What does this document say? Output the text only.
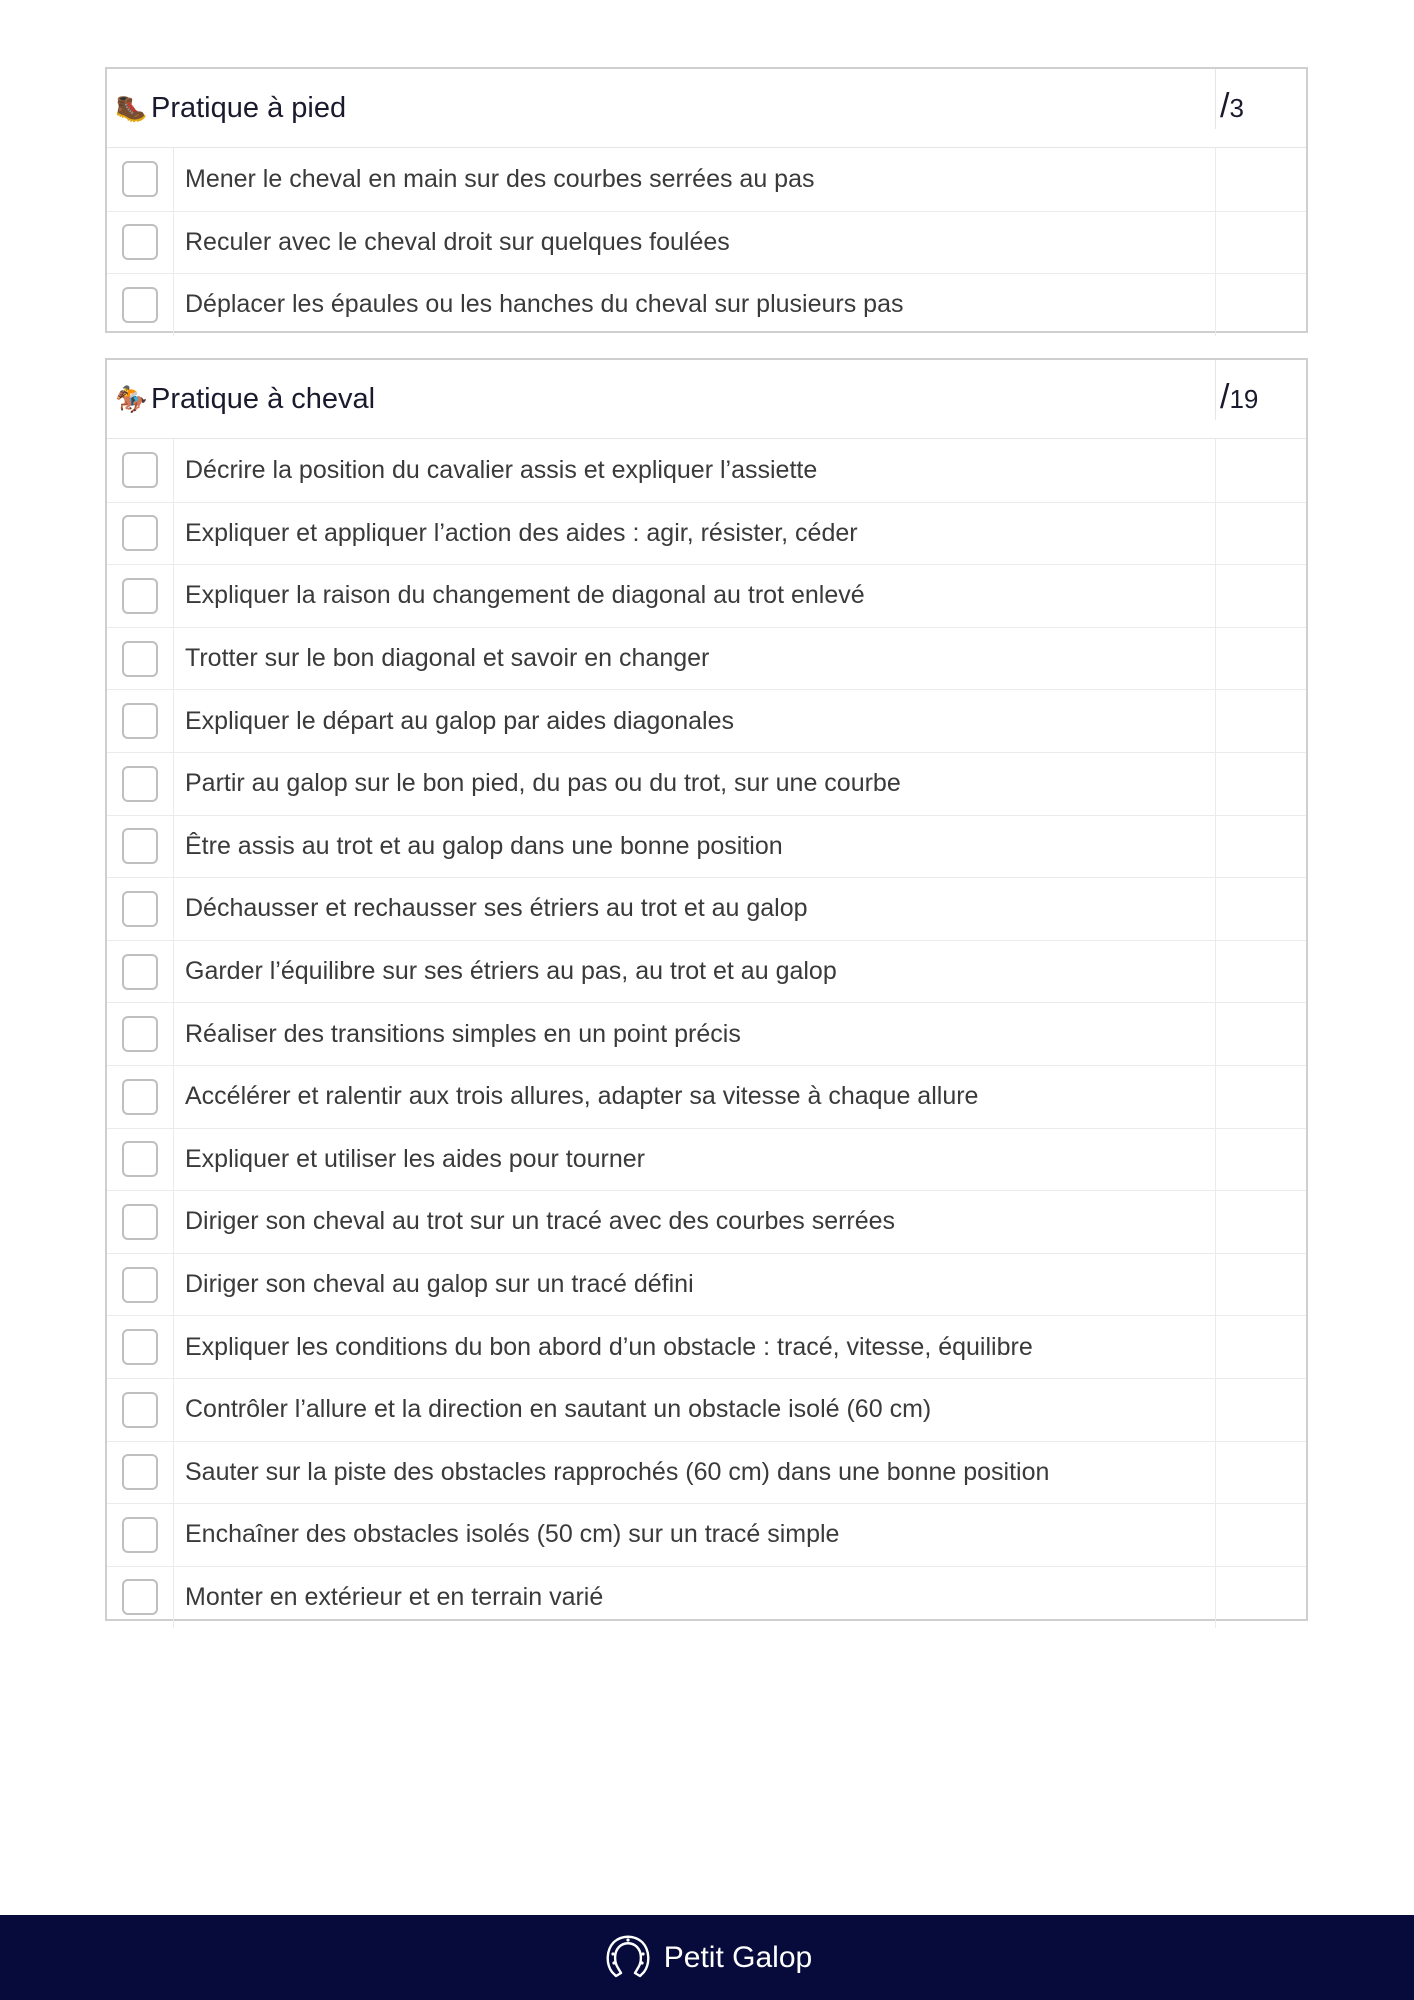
🥾 Pratique à pied	/3
Mener le cheval en main sur des courbes serrées au pas
Reculer avec le cheval droit sur quelques foulées
Déplacer les épaules ou les hanches du cheval sur plusieurs pas
🏇 Pratique à cheval	/19
Décrire la position du cavalier assis et expliquer l’assiette
Expliquer et appliquer l’action des aides : agir, résister, céder
Expliquer la raison du changement de diagonal au trot enlevé
Trotter sur le bon diagonal et savoir en changer
Expliquer le départ au galop par aides diagonales
Partir au galop sur le bon pied, du pas ou du trot, sur une courbe
Être assis au trot et au galop dans une bonne position
Déchausser et rechausser ses étriers au trot et au galop
Garder l’équilibre sur ses étriers au pas, au trot et au galop
Réaliser des transitions simples en un point précis
Accélérer et ralentir aux trois allures, adapter sa vitesse à chaque allure
Expliquer et utiliser les aides pour tourner
Diriger son cheval au trot sur un tracé avec des courbes serrées
Diriger son cheval au galop sur un tracé défini
Expliquer les conditions du bon abord d’un obstacle : tracé, vitesse, équilibre
Contrôler l’allure et la direction en sautant un obstacle isolé (60 cm)
Sauter sur la piste des obstacles rapprochés (60 cm) dans une bonne position
Enchaîner des obstacles isolés (50 cm) sur un tracé simple
Monter en extérieur et en terrain varié
Petit Galop
